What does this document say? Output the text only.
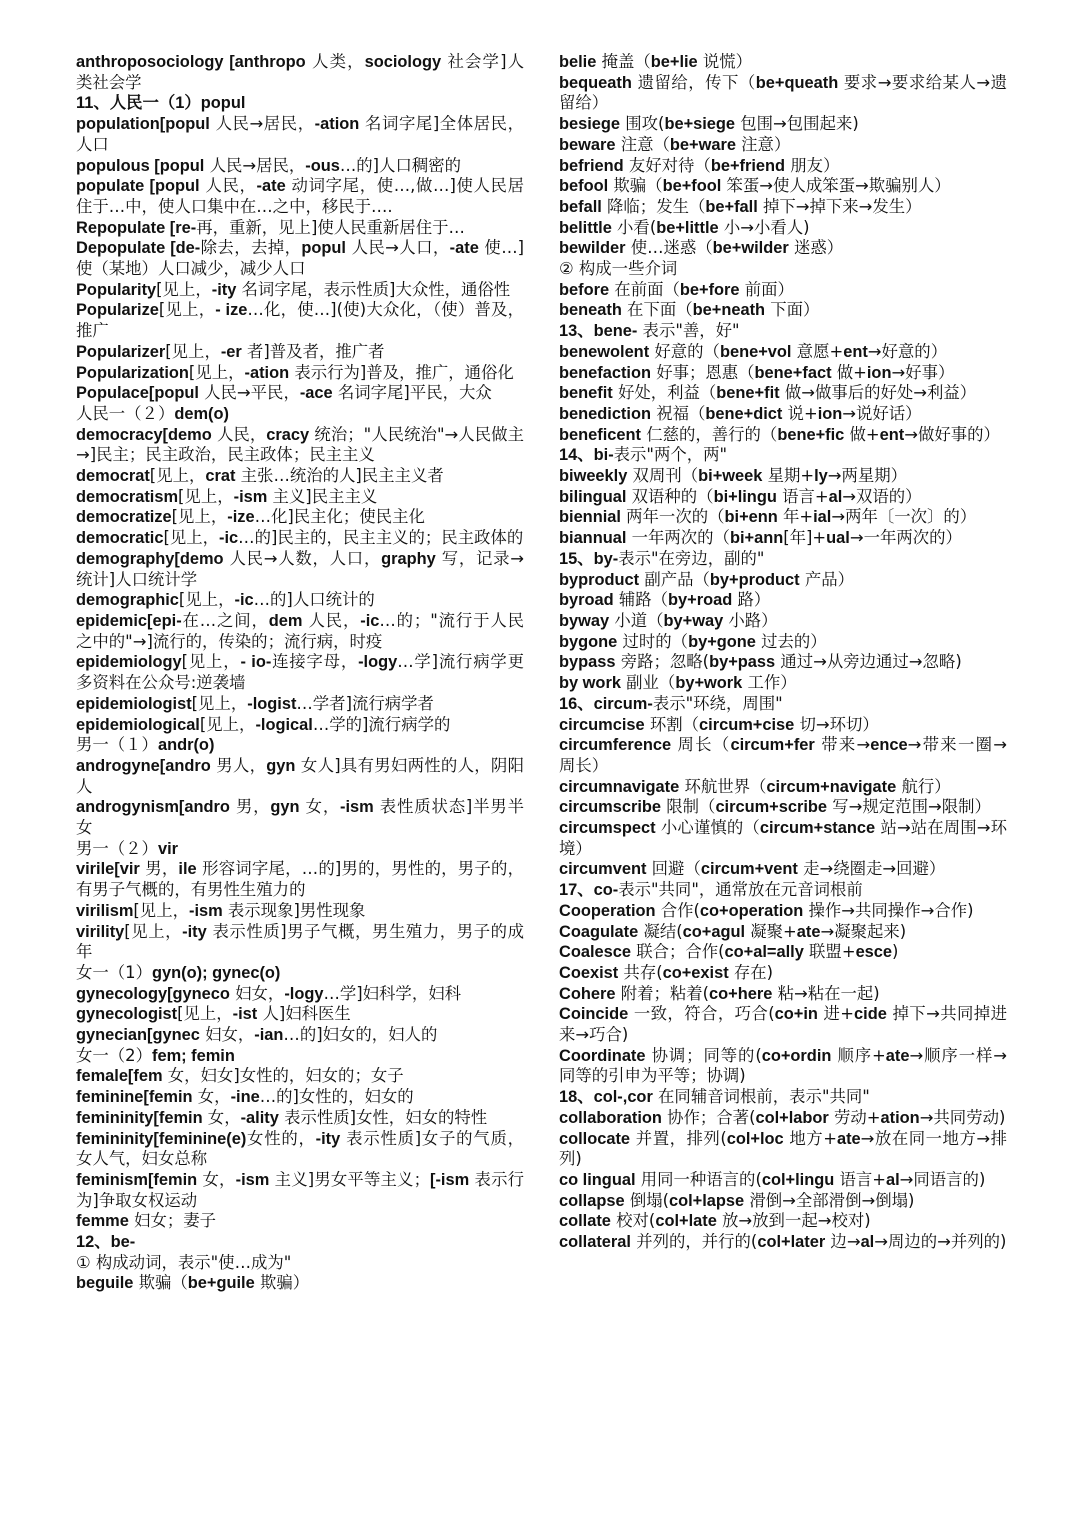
anthroposociology [anthropo 人类，sociology 社会学]人类社会学

11、人民一（1）popul

population[popul 人民→居民，-ation 名词字尾]全体居民，人口

populous [popul 人民→居民，-ous…的]人口稠密的

populate [popul 人民，-ate 动词字尾，使…,做…]使人民居住于…中，使人口集中在…之中，移民于….

Repopulate [re-再，重新，见上]使人民重新居住于…

Depopulate [de-除去，去掉，popul 人民→人口，-ate 使…]使（某地）人口减少，减少人口

Popularity[见上，-ity 名词字尾，表示性质]大众性，通俗性

Popularize[见上，- ize…化，使…](使)大众化，（使）普及，推广

Popularizer[见上，-er 者]普及者，推广者

Popularization[见上，-ation 表示行为]普及，推广，通俗化

Populace[popul 人民→平民，-ace 名词字尾]平民，大众

人民一（２）dem(o)

democracy[demo 人民，cracy 统治；"人民统治"→人民做主→]民主；民主政治，民主政体；民主主义

democrat[见上，crat 主张…统治的人]民主主义者

democratism[见上，-ism 主义]民主主义

democratize[见上，-ize…化]民主化；使民主化

democratic[见上，-ic…的]民主的，民主主义的；民主政体的

demography[demo 人民→人数，人口，graphy 写，记录→统计]人口统计学

demographic[见上，-ic…的]人口统计的

epidemic[epi-在…之间，dem 人民，-ic…的；"流行于人民之中的"→]流行的，传染的；流行病，时疫

epidemiology[见上，- io-连接字母，-logy…学]流行病学更多资料在公众号:逆袭墙

epidemiologist[见上，-logist…学者]流行病学者

epidemiological[见上，-logical…学的]流行病学的

男一（１）andr(o)

androgyne[andro 男人，gyn 女人]具有男妇两性的人，阴阳人

androgynism[andro 男，gyn 女，-ism 表性质状态]半男半女

男一（２）vir

virile[vir 男，ile 形容词字尾，…的]男的，男性的，男子的，有男子气概的，有男性生殖力的

virilism[见上，-ism 表示现象]男性现象

virility[见上，-ity 表示性质]男子气概，男生殖力，男子的成年

女一（1）gyn(o); gynec(o)

gynecology[gyneco 妇女，-logy…学]妇科学，妇科

gynecologist[见上，-ist 人]妇科医生

gynecian[gynec 妇女，-ian…的]妇女的，妇人的

女一（2）fem; femin

female[fem 女，妇女]女性的，妇女的；女子

feminine[femin 女，-ine…的]女性的，妇女的

femininity[femin 女，-ality 表示性质]女性，妇女的特性

femininity[feminine(e)女性的，-ity 表示性质]女子的气质，女人气，妇女总称

feminism[femin 女，-ism 主义]男女平等主义；[-ism 表示行为]争取女权运动

femme 妇女；妻子

12、be-

① 构成动词，表示"使…成为"

beguile 欺骗（be+guile 欺骗）

belie 掩盖（be+lie 说慌）

bequeath 遗留给，传下（be+queath 要求→要求给某人→遗留给）

besiege 围攻(be+siege 包围→包围起来)

beware 注意（be+ware 注意）

befriend 友好对待（be+friend 朋友）

befool 欺骗（be+fool 笨蛋→使人成笨蛋→欺骗别人）

befall 降临；发生（be+fall 掉下→掉下来→发生）

belittle 小看(be+little 小→小看人)

bewilder 使…迷惑（be+wilder 迷惑）

② 构成一些介词

before 在前面（be+fore 前面）

beneath 在下面（be+neath 下面）

13、bene- 表示"善，好"

benewolent 好意的（bene+vol 意愿+ent→好意的）

benefaction 好事；恩惠（bene+fact 做+ion→好事）

benefit 好处，利益（bene+fit 做→做事后的好处→利益）

benediction 祝福（bene+dict 说+ion→说好话）

beneficent 仁慈的，善行的（bene+fic 做+ent→做好事的）

14、bi-表示"两个，两"

biweekly 双周刊（bi+week 星期+ly→两星期）

bilingual 双语种的（bi+lingu 语言+al→双语的）

biennial 两年一次的（bi+enn 年+ial→两年〔一次〕的）

biannual 一年两次的（bi+ann[年]+ual→一年两次的）

15、by-表示"在旁边，副的"

byproduct 副产品（by+product 产品）

byroad 辅路（by+road 路）

byway 小道（by+way 小路）

bygone 过时的（by+gone 过去的）

bypass 旁路；忽略(by+pass 通过→从旁边通过→忽略)

by work 副业（by+work 工作）

16、circum-表示"环绕，周围"

circumcise 环割（circum+cise 切→环切）

circumference 周长（circum+fer 带来→ence→带来一圈→周长）

circumnavigate 环航世界（circum+navigate 航行）

circumscribe 限制（circum+scribe 写→规定范围→限制）

circumspect 小心谨慎的（circum+stance 站→站在周围→环境）

circumvent 回避（circum+vent 走→绕圈走→回避）

17、co-表示"共同"，通常放在元音词根前

Cooperation 合作(co+operation 操作→共同操作→合作)

Coagulate 凝结(co+agul 凝聚+ate→凝聚起来)

Coalesce 联合；合作(co+al=ally 联盟+esce)

Coexist 共存(co+exist 存在)

Cohere 附着；粘着(co+here 粘→粘在一起)

Coincide 一致，符合，巧合(co+in 进+cide 掉下→共同掉进来→巧合)

Coordinate 协调；同等的(co+ordin 顺序+ate→顺序一样→同等的引申为平等；协调)

18、col-,cor 在同辅音词根前，表示"共同"

collaboration 协作；合著(col+labor 劳动+ation→共同劳动)

collocate 并置，排列(col+loc 地方+ate→放在同一地方→排列)

co lingual 用同一种语言的(col+lingu 语言+al→同语言的)

collapse 倒塌(col+lapse 滑倒→全部滑倒→倒塌)

collate 校对(col+late 放→放到一起→校对)

collateral 并列的，并行的(col+later 边→al→周边的→并列的)
